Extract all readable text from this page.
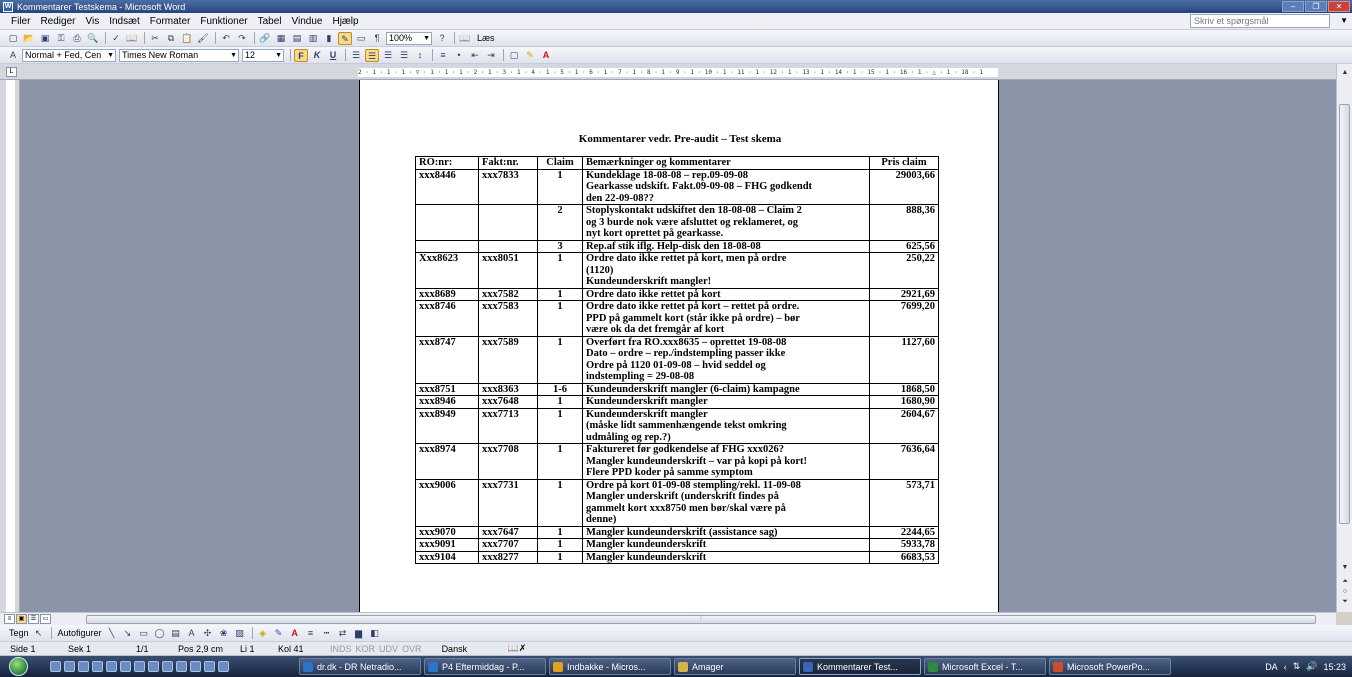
W Kommentarer Testskema - Microsoft Word	–	❐	✕
Filer	Rediger	Vis	Indsæt	Formater	Funktioner	Tabel	Vindue	Hjælp	Skriv et spørgsmål	▼
▢ 📂 ▣ ⚿ ⎙ 🔍	✓ 📖	✂	⧉ 📋 🖌	↶ ↷	🔗 ▦ ▤ ▥	▮	✎ ▭	¶	100% ▼	?	📖 Læs
A	Normal + Fed, Cen ▼ Times New Roman	▼ 12	▼	F	K	U	☰ ☰ ☰ ☰	↕	≡	•	⇤ ⇥	▢ ✎ A
L	2 · 1 · 1 · 1 · ▽ · 1 · 1 · 1 · 2 · 1 · 3 · 1 · 4 · 1 · 5 · 1 · 6 · 1 · 7 · 1 · 8 · 1 · 9 · 1 · 10 · 1 · 11 · 1 · 12 · 1 · 13 · 1 · 14 · 1 · 15 · 1 · 16 · 1 · △ · 1 · 18 · 1
Kommentarer vedr. Pre-audit – Test skema
RO:nr:	Fakt:nr.	Claim	Bemærkninger og kommentarer	Pris claim
xxx8446	xxx7833	1	Kundeklage 18-08-08 – rep.09-09-08
Gearkasse udskift. Fakt.09-09-08 – FHG godkendt
den 22-09-08??	29003,66
		2	Stoplyskontakt udskiftet den 18-08-08 – Claim 2
og 3 burde nok være afsluttet og reklameret, og
nyt kort oprettet på gearkasse.	888,36
		3	Rep.af stik iflg. Help-disk den 18-08-08	625,56
Xxx8623	xxx8051	1	Ordre dato ikke rettet på kort, men på ordre
(1120)
Kundeunderskrift mangler!	250,22
xxx8689	xxx7582	1	Ordre dato ikke rettet på kort	2921,69
xxx8746	xxx7583	1	Ordre dato ikke rettet på kort – rettet på ordre.
PPD på gammelt kort (står ikke på ordre) – bør
være ok da det fremgår af kort	7699,20
xxx8747	xxx7589	1	Overført fra RO.xxx8635 – oprettet 19-08-08
Dato – ordre – rep./indstempling passer ikke
Ordre på 1120 01-09-08 – hvid seddel og
indstempling = 29-08-08	1127,60
xxx8751	xxx8363	1-6	Kundeunderskrift mangler (6-claim) kampagne	1868,50
xxx8946	xxx7648	1	Kundeunderskrift mangler	1680,90
xxx8949	xxx7713	1	Kundeunderskrift mangler
(måske lidt sammenhængende tekst omkring
udmåling og rep.?)	2604,67
xxx8974	xxx7708	1	Faktureret før godkendelse af FHG xxx026?
Mangler kundeunderskrift – var på kopi på kort!
Flere PPD koder på samme symptom	7636,64
xxx9006	xxx7731	1	Ordre på kort 01-09-08 stempling/rekl. 11-09-08
Mangler underskrift (underskrift findes på
gammelt kort xxx8750 men bør/skal være på
denne)	573,71
xxx9070	xxx7647	1	Mangler kundeunderskrift (assistance sag)	2244,65
xxx9091	xxx7707	1	Mangler kundeunderskrift	5933,78
xxx9104	xxx8277	1	Mangler kundeunderskrift	6683,53
▲
▼
⏶
○
⏷
≡	▣	☰	▭	⋮
Tegn ↖	Autofigurer ╲	↘ ▭ ◯ ▤ A	✣ ❀ ▨	◈ ✎ A	≡	┅	⇄ ▆ ◧
Side 1	Sek 1	1/1	Pos 2,9 cm	Li 1	Kol 41	INDS KOR UDV OVR	Dansk	📖✗
dr.dk - DR Netradio...	P4 Eftermiddag - P...	Indbakke - Micros...	Amager	Kommentarer Test...	Microsoft Excel - T...	Microsoft PowerPo...	DA ‹ ⇅ 🔊 15:23
